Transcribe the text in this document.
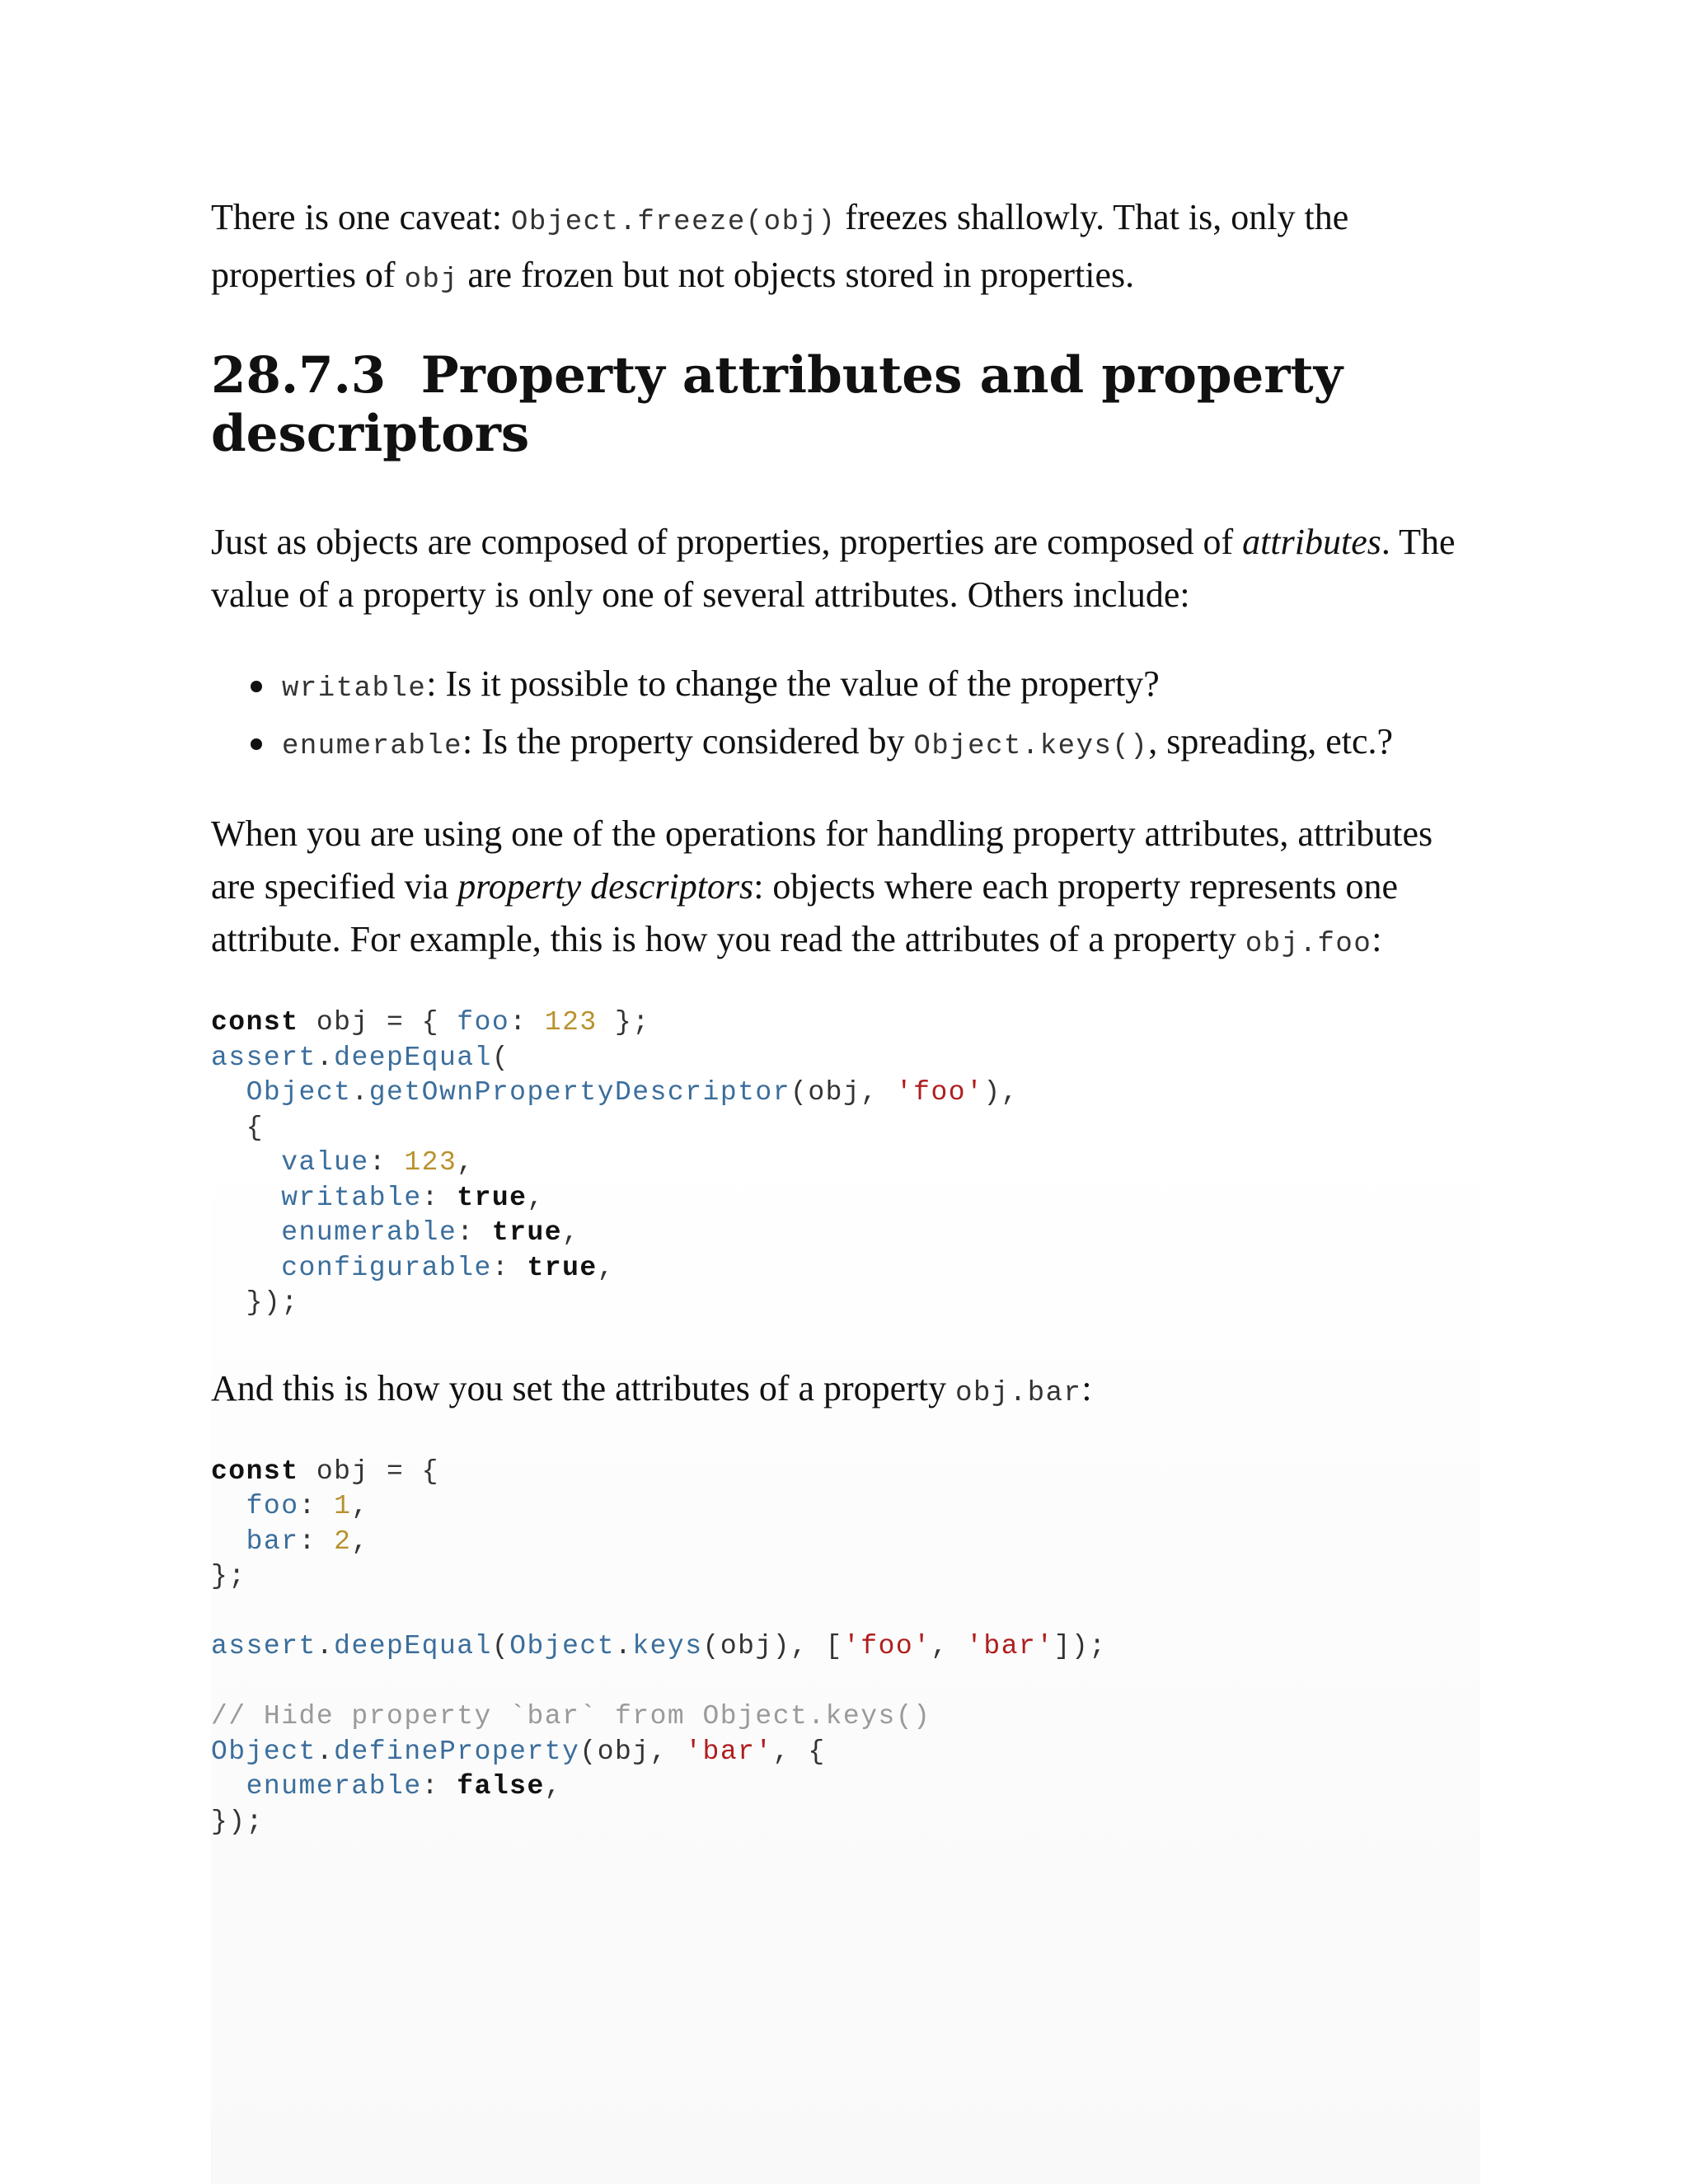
There is one caveat: Object.freeze(obj) freezes shallowly. That is, only the properties of obj are frozen but not objects stored in properties.

28.7.3 Property attributes and property descriptors

Just as objects are composed of properties, properties are composed of attributes. The value of a property is only one of several attributes. Others include:

writable: Is it possible to change the value of the property?
enumerable: Is the property considered by Object.keys(), spreading, etc.?

When you are using one of the operations for handling property attributes, attributes are specified via property descriptors: objects where each property represents one attribute. For example, this is how you read the attributes of a property obj.foo:

const obj = { foo: 123 };
assert.deepEqual(
Object.getOwnPropertyDescriptor(obj, 'foo'),
{
value: 123,
writable: true,
enumerable: true,
configurable: true,
});

And this is how you set the attributes of a property obj.bar:

const obj = {
foo: 1,
bar: 2,
};

assert.deepEqual(Object.keys(obj), ['foo', 'bar']);

// Hide property `bar` from Object.keys()
Object.defineProperty(obj, 'bar', {
enumerable: false,
});
